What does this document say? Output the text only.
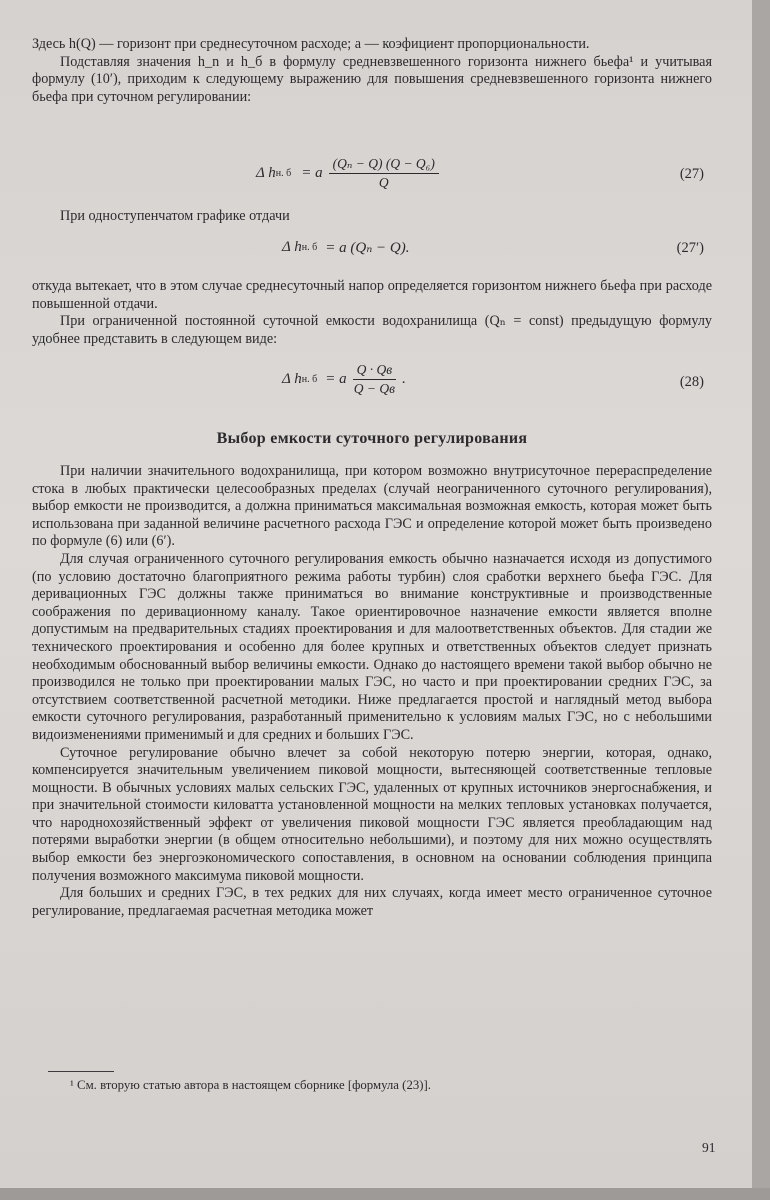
Здесь h(Q) — горизонт при среднесуточном расходе; a — коэфициент пропорциональности.

Подставляя значения h_n и h_б в формулу средневзвешенного горизонта нижнего бьефа¹ и учитывая формулу (10′), приходим к следующему выражению для повышения средневзвешенного горизонта нижнего бьефа при суточном регулировании:

Δ h н. б = a $\frac{\text{(Qₙ − Q) (Q − Q₆)}}{Q}$	(27)

При одноступенчатом графике отдачи

Δ h н. б = a (Qₙ − Q).	(27′)

откуда вытекает, что в этом случае среднесуточный напор определяется горизонтом нижнего бьефа при расходе повышенной отдачи.

При ограниченной постоянной суточной емкости водохранилища (Qₙ = const) предыдущую формулу удобнее представить в следующем виде:

Δ h н. б = a $\frac{Q \cdot Qв}{Q - Qв}$ .	(28)
Выбор емкости суточного регулирования

При наличии значительного водохранилища, при котором возможно внутрисуточное перераспределение стока в любых практически целесообразных пределах (случай неограниченного суточного регулирования), выбор емкости не производится, а должна приниматься максимальная возможная емкость, которая может быть использована при заданной величине расчетного расхода ГЭС и определение которой может быть произведено по формуле (6) или (6′).

Для случая ограниченного суточного регулирования емкость обычно назначается исходя из допустимого (по условию достаточно благоприятного режима работы турбин) слоя сработки верхнего бьефа ГЭС. Для деривационных ГЭС должны также приниматься во внимание конструктивные и производственные соображения по деривационному каналу. Такое ориентировочное назначение емкости является вполне допустимым на предварительных стадиях проектирования и для малоответственных объектов. Для стадии же технического проектирования и особенно для более крупных и ответственных объектов следует признать необходимым обоснованный выбор величины емкости. Однако до настоящего времени такой выбор обычно не производился не только при проектировании малых ГЭС, но часто и при проектировании средних ГЭС, за отсутствием соответственной расчетной методики. Ниже предлагается простой и наглядный метод выбора емкости суточного регулирования, разработанный применительно к условиям малых ГЭС, но с небольшими видоизменениями применимый и для средних и больших ГЭС.

Суточное регулирование обычно влечет за собой некоторую потерю энергии, которая, однако, компенсируется значительным увеличением пиковой мощности, вытесняющей соответственные тепловые мощности. В обычных условиях малых сельских ГЭС, удаленных от крупных источников энергоснабжения, и при значительной стоимости киловатта установленной мощности на мелких тепловых установках получается, что народнохозяйственный эффект от увеличения пиковой мощности ГЭС является преобладающим над потерями выработки энергии (в общем относительно небольшими), и поэтому для них можно осуществлять выбор емкости без энергоэкономического сопоставления, в основном на основании соблюдения принципа получения возможного максимума пиковой мощности.

Для больших и средних ГЭС, в тех редких для них случаях, когда имеет место ограниченное суточное регулирование, предлагаемая расчетная методика может

¹ См. вторую статью автора в настоящем сборнике [формула (23)].
91
